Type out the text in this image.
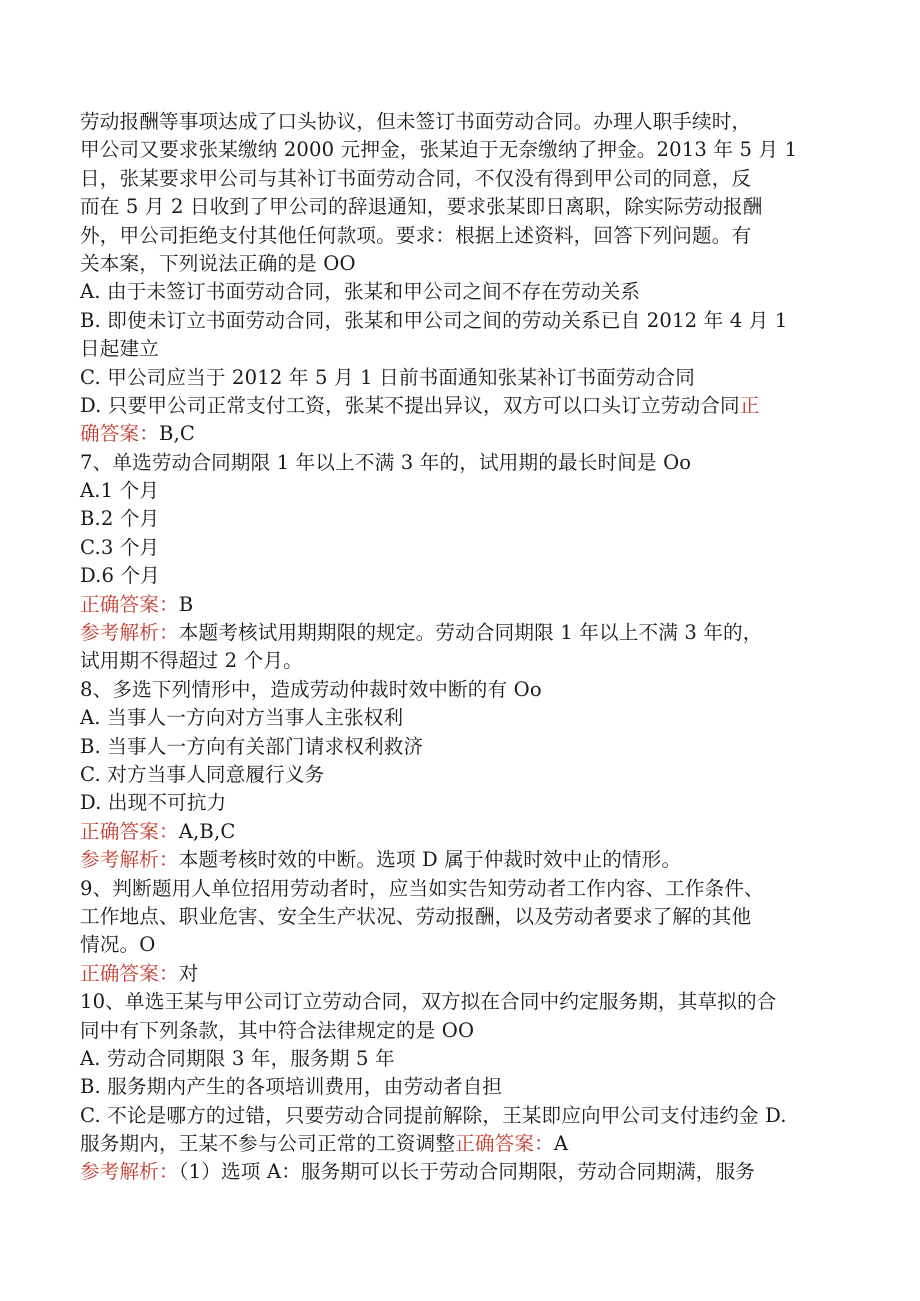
劳动报酬等事项达成了口头协议，但未签订书面劳动合同。办理人职手续时，
甲公司又要求张某缴纳 2000 元押金，张某迫于无奈缴纳了押金。2013 年 5 月 1
日，张某要求甲公司与其补订书面劳动合同，不仅没有得到甲公司的同意，反
而在 5 月 2 日收到了甲公司的辞退通知，要求张某即日离职，除实际劳动报酬
外，甲公司拒绝支付其他任何款项。要求：根据上述资料，回答下列问题。有
关本案，下列说法正确的是 OO
A. 由于未签订书面劳动合同，张某和甲公司之间不存在劳动关系
B. 即使未订立书面劳动合同，张某和甲公司之间的劳动关系已自 2012 年 4 月 1
日起建立
C. 甲公司应当于 2012 年 5 月 1 日前书面通知张某补订书面劳动合同
D. 只要甲公司正常支付工资，张某不提出异议，双方可以口头订立劳动合同正
确答案：B,C
7、单选劳动合同期限 1 年以上不满 3 年的，试用期的最长时间是 Oo
A.1 个月
B.2 个月
C.3 个月
D.6 个月
正确答案：B
参考解析：本题考核试用期期限的规定。劳动合同期限 1 年以上不满 3 年的，
试用期不得超过 2 个月。
8、多选下列情形中，造成劳动仲裁时效中断的有 Oo
A. 当事人一方向对方当事人主张权利
B. 当事人一方向有关部门请求权利救济
C. 对方当事人同意履行义务
D. 出现不可抗力
正确答案：A,B,C
参考解析：本题考核时效的中断。选项 D 属于仲裁时效中止的情形。
9、判断题用人单位招用劳动者时，应当如实告知劳动者工作内容、工作条件、
工作地点、职业危害、安全生产状况、劳动报酬，以及劳动者要求了解的其他
情况。O
正确答案：对
10、单选王某与甲公司订立劳动合同，双方拟在合同中约定服务期，其草拟的合
同中有下列条款，其中符合法律规定的是 OO
A. 劳动合同期限 3 年，服务期 5 年
B. 服务期内产生的各项培训费用，由劳动者自担
C. 不论是哪方的过错，只要劳动合同提前解除，王某即应向甲公司支付违约金 D.
服务期内，王某不参与公司正常的工资调整正确答案：A
参考解析：（1）选项 A：服务期可以长于劳动合同期限，劳动合同期满，服务
